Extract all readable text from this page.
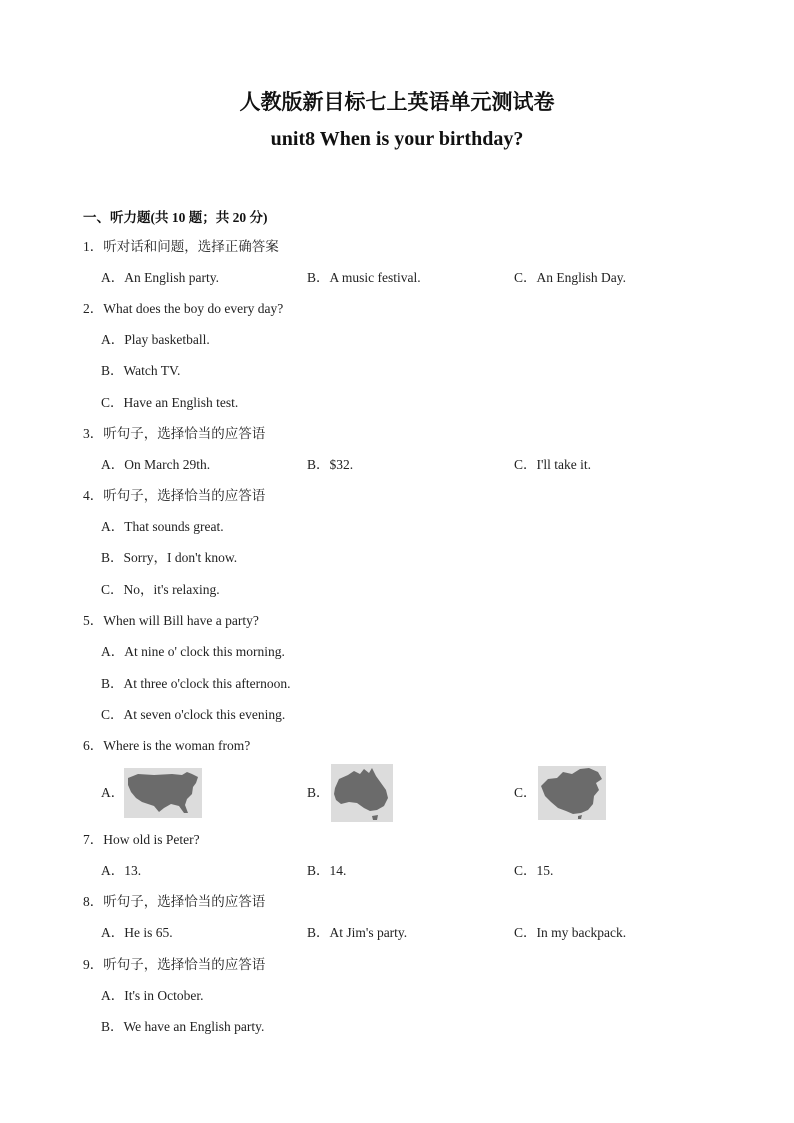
人教版新目标七上英语单元测试卷
unit8 When is your birthday?
一、听力题(共 10 题；共 20 分)
1．听对话和问题，选择正确答案
A．An English party.	B．A music festival.	C．An English Day.
2．What does the boy do every day?
A．Play basketball.
B．Watch TV.
C．Have an English test.
3．听句子，选择恰当的应答语
A．On March 29th.	B．$32.	C．I'll take it.
4．听句子，选择恰当的应答语
A．That sounds great.
B．Sorry，I don't know.
C．No，it's relaxing.
5．When will Bill have a party?
A．At nine o' clock this morning.
B．At three o'clock this afternoon.
C．At seven o'clock this evening.
6．Where is the woman from?
A．	B．	C．
7．How old is Peter?
A．13.	B．14.	C．15.
8．听句子，选择恰当的应答语
A．He is 65.	B．At Jim's party.	C．In my backpack.
9．听句子，选择恰当的应答语
A．It's in October.
B．We have an English party.
